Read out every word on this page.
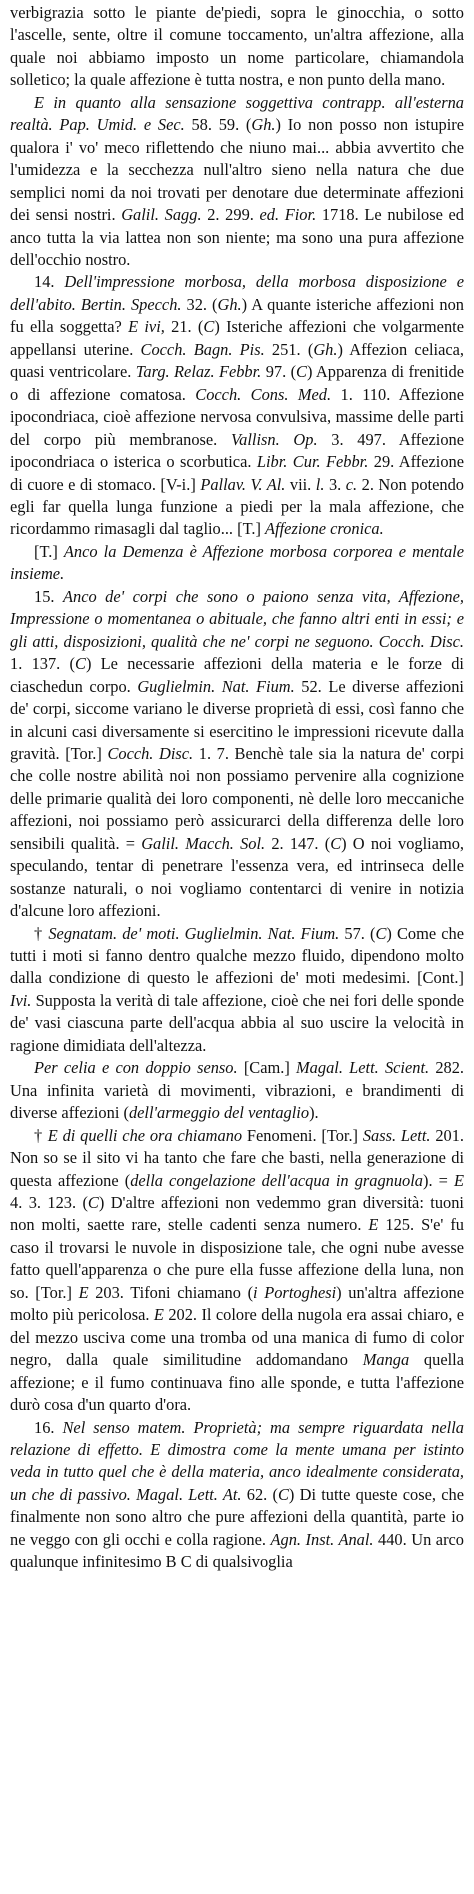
verbigrazia sotto le piante de'piedi, sopra le ginocchia, o sotto l'ascelle, sente, oltre il comune toccamento, un'altra affezione, alla quale noi abbiamo imposto un nome particolare, chiamandola solletico; la quale affezione è tutta nostra, e non punto della mano.

E in quanto alla sensazione soggettiva contrapp. all'esterna realtà. Pap. Umid. e Sec. 58. 59. (Gh.) Io non posso non istupire qualora i' vo' meco riflettendo che niuno mai... abbia avvertito che l'umidezza e la secchezza null'altro sieno nella natura che due semplici nomi da noi trovati per denotare due determinate affezioni dei sensi nostri. Galil. Sagg. 2. 299. ed. Fior. 1718. Le nubilose ed anco tutta la via lattea non son niente; ma sono una pura affezione dell'occhio nostro.

14. Dell'impressione morbosa, della morbosa disposizione e dell'abito. Bertin. Specch. 32. (Gh.) A quante isteriche affezioni non fu ella soggetta? E ivi, 21. (C) Isteriche affezioni che volgarmente appellansi uterine. Cocch. Bagn. Pis. 251. (Gh.) Affezion celiaca, quasi ventricolare. Targ. Relaz. Febbr. 97. (C) Apparenza di frenitide o di affezione comatosa. Cocch. Cons. Med. 1. 110. Affezione ipocondriaca, cioè affezione nervosa convulsiva, massime delle parti del corpo più membranose. Vallisn. Op. 3. 497. Affezione ipocondriaca o isterica o scorbutica. Libr. Cur. Febbr. 29. Affezione di cuore e di stomaco. [V-i.] Pallav. V. Al. vii. l. 3. c. 2. Non potendo egli far quella lunga funzione a piedi per la mala affezione, che ricordammo rimasagli dal taglio... [T.] Affezione cronica.

[T.] Anco la Demenza è Affezione morbosa corporea e mentale insieme.

15. Anco de' corpi che sono o paiono senza vita, Affezione, Impressione o momentanea o abituale, che fanno altri enti in essi; e gli atti, disposizioni, qualità che ne' corpi ne seguono. Cocch. Disc. 1. 137. (C) Le necessarie affezioni della materia e le forze di ciaschedun corpo. Guglielmin. Nat. Fium. 52. Le diverse affezioni de' corpi, siccome variano le diverse proprietà di essi, così fanno che in alcuni casi diversamente si esercitino le impressioni ricevute dalla gravità. [Tor.] Cocch. Disc. 1. 7. Benchè tale sia la natura de' corpi che colle nostre abilità noi non possiamo pervenire alla cognizione delle primarie qualità dei loro componenti, nè delle loro meccaniche affezioni, noi possiamo però assicurarci della differenza delle loro sensibili qualità. = Galil. Macch. Sol. 2. 147. (C) O noi vogliamo, speculando, tentar di penetrare l'essenza vera, ed intrinseca delle sostanze naturali, o noi vogliamo contentarci di venire in notizia d'alcune loro affezioni.

† Segnatam. de' moti. Guglielmin. Nat. Fium. 57. (C) Come che tutti i moti si fanno dentro qualche mezzo fluido, dipendono molto dalla condizione di questo le affezioni de' moti medesimi. [Cont.] Ivi. Supposta la verità di tale affezione, cioè che nei fori delle sponde de' vasi ciascuna parte dell'acqua abbia al suo uscire la velocità in ragione dimidiata dell'altezza.

Per celia e con doppio senso. [Cam.] Magal. Lett. Scient. 282. Una infinita varietà di movimenti, vibrazioni, e brandimenti di diverse affezioni (dell'armeggio del ventaglio).

† E di quelli che ora chiamano Fenomeni. [Tor.] Sass. Lett. 201. Non so se il sito vi ha tanto che fare che basti, nella generazione di questa affezione (della congelazione dell'acqua in gragnuola). = E 4. 3. 123. (C) D'altre affezioni non vedemmo gran diversità: tuoni non molti, saette rare, stelle cadenti senza numero. E 125. S'e' fu caso il trovarsi le nuvole in disposizione tale, che ogni nube avesse fatto quell'apparenza o che pure ella fusse affezione della luna, non so. [Tor.] E 203. Tifoni chiamano (i Portoghesi) un'altra affezione molto più pericolosa. E 202. Il colore della nugola era assai chiaro, e del mezzo usciva come una tromba od una manica di fumo di color negro, dalla quale similitudine addomandano Manga quella affezione; e il fumo continuava fino alle sponde, e tutta l'affezione durò cosa d'un quarto d'ora.

16. Nel senso matem. Proprietà; ma sempre riguardata nella relazione di effetto. E dimostra come la mente umana per istinto veda in tutto quel che è della materia, anco idealmente considerata, un che di passivo. Magal. Lett. At. 62. (C) Di tutte queste cose, che finalmente non sono altro che pure affezioni della quantità, parte io ne veggo con gli occhi e colla ragione. Agn. Inst. Anal. 440. Un arco qualunque infinitesimo B C di qualsivoglia
